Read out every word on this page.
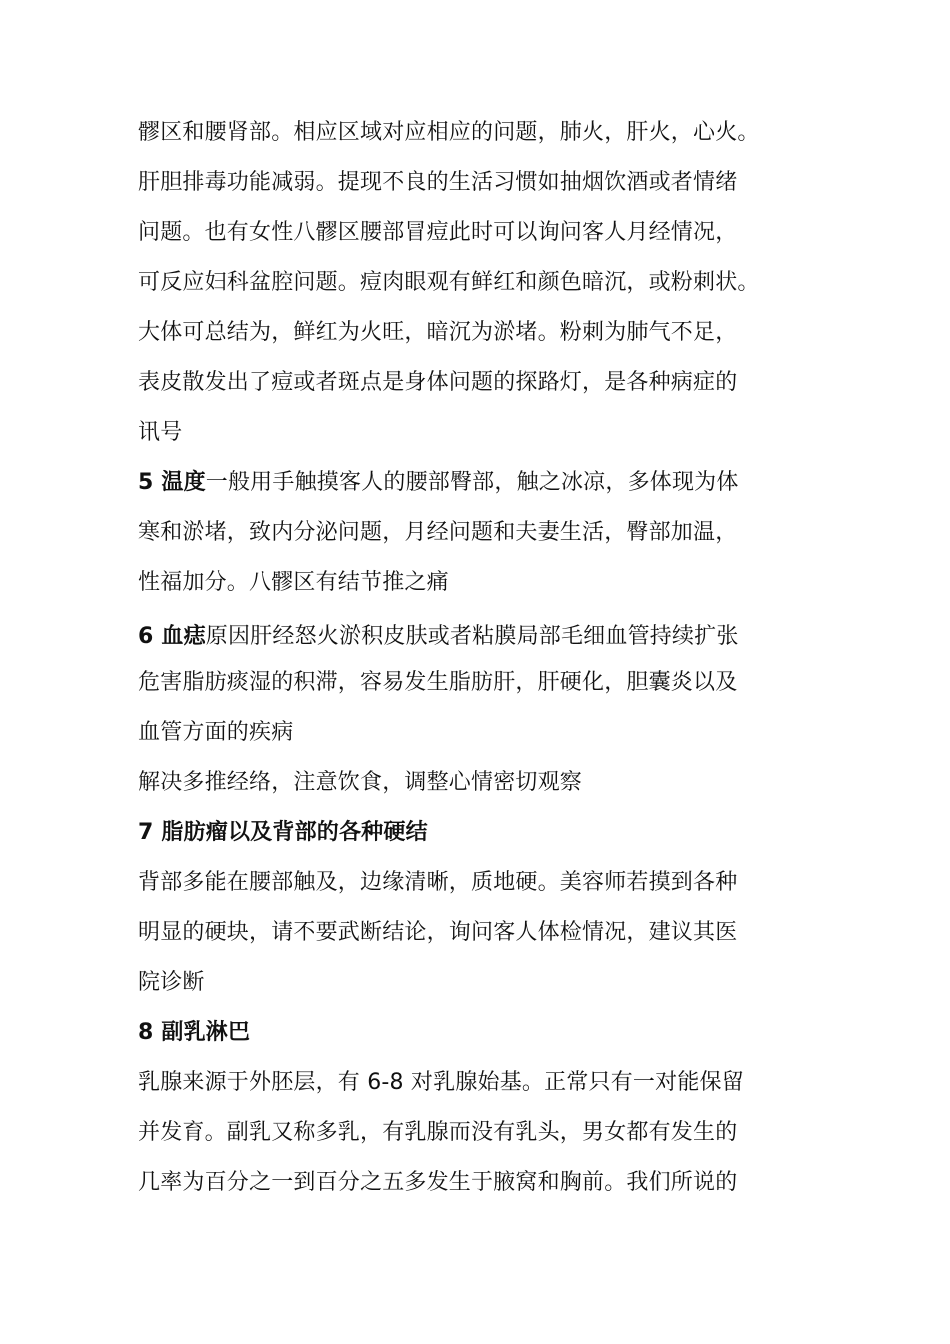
髎区和腰肾部。相应区域对应相应的问题，肺火，肝火，心火。
肝胆排毒功能减弱。提现不良的生活习惯如抽烟饮酒或者情绪
问题。也有女性八髎区腰部冒痘此时可以询问客人月经情况，
可反应妇科盆腔问题。痘肉眼观有鲜红和颜色暗沉，或粉刺状。
大体可总结为，鲜红为火旺，暗沉为淤堵。粉刺为肺气不足，
表皮散发出了痘或者斑点是身体问题的探路灯，是各种病症的
讯号
5 温度一般用手触摸客人的腰部臀部，触之冰凉，多体现为体
寒和淤堵，致内分泌问题，月经问题和夫妻生活，臀部加温，
性福加分。八髎区有结节推之痛
6 血痣原因肝经怒火淤积皮肤或者粘膜局部毛细血管持续扩张
危害脂肪痰湿的积滞，容易发生脂肪肝，肝硬化，胆囊炎以及
血管方面的疾病
解决多推经络，注意饮食，调整心情密切观察
7 脂肪瘤以及背部的各种硬结
背部多能在腰部触及，边缘清晰，质地硬。美容师若摸到各种
明显的硬块，请不要武断结论，询问客人体检情况，建议其医
院诊断
8 副乳淋巴
乳腺来源于外胚层，有 6-8 对乳腺始基。正常只有一对能保留
并发育。副乳又称多乳，有乳腺而没有乳头，男女都有发生的
几率为百分之一到百分之五多发生于腋窝和胸前。我们所说的
